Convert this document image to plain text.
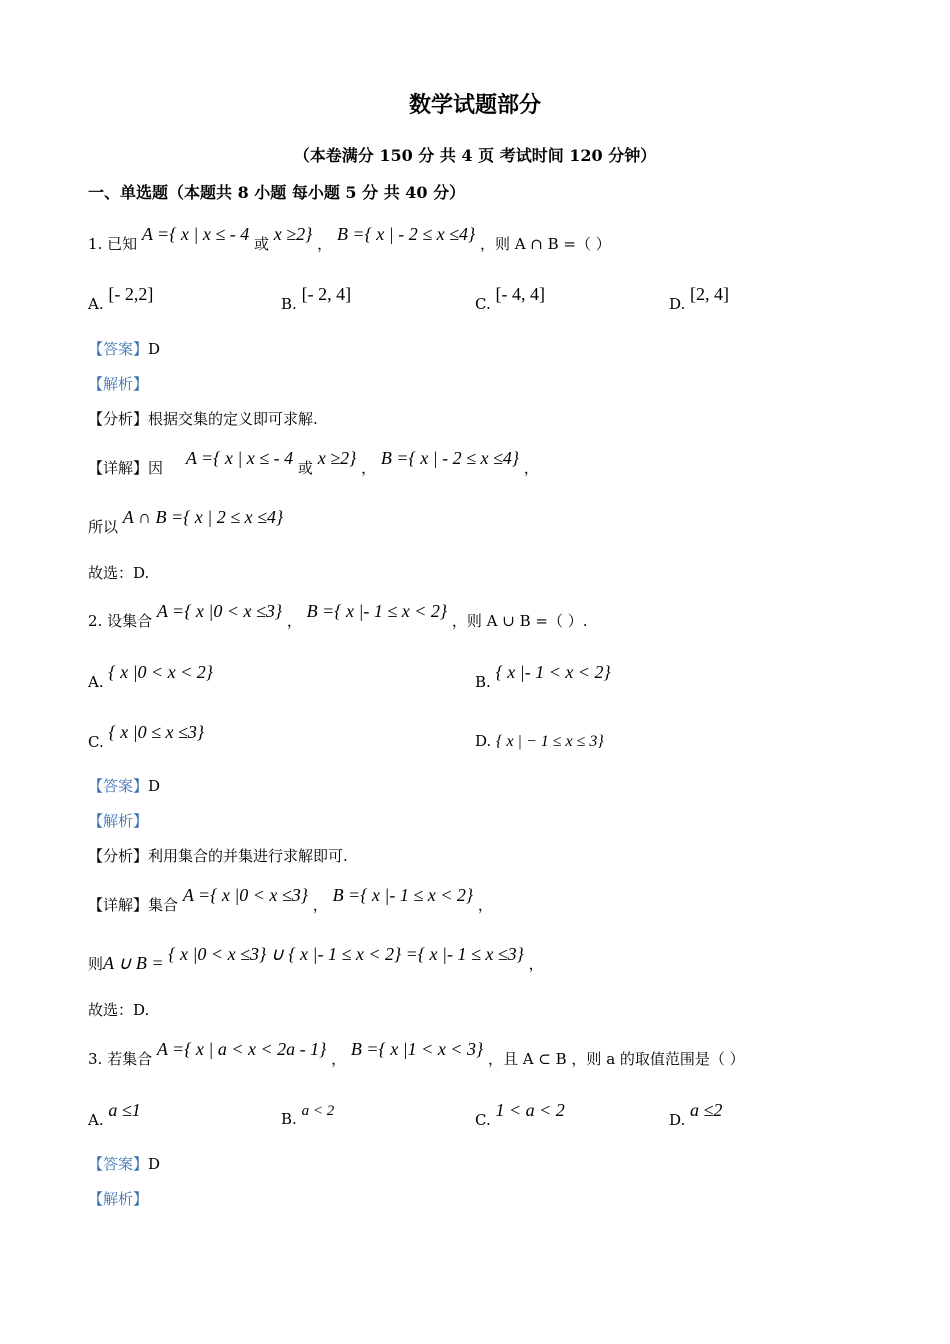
数学试题部分
（本卷满分 150 分 共 4 页 考试时间 120 分钟）
一、单选题（本题共 8 小题 每小题 5 分 共 40 分）
1. 已知 A ={ x | x ≤ - 4 或 x ≥2} ， B ={ x | - 2 ≤ x ≤4} ，则 A ∩ B =（ ）
A. [- 2,2]	B. [- 2, 4]	C. [- 4, 4]	D. [2, 4]
【答案】D
【解析】
【分析】根据交集的定义即可求解.
【详解】因 A ={ x | x ≤ - 4 或 x ≥2} ， B ={ x | - 2 ≤ x ≤4} ，
所以 A ∩ B ={ x | 2 ≤ x ≤4}
故选：D.
2. 设集合 A ={ x |0 < x ≤3} ， B ={ x |- 1 ≤ x < 2} ，则 A ∪ B =（ ）.
A. { x |0 < x < 2}	B. { x |- 1 < x < 2}
C. { x |0 ≤ x ≤3}	D. { x | − 1 ≤ x ≤ 3}
【答案】D
【解析】
【分析】利用集合的并集进行求解即可.
【详解】集合 A ={ x |0 < x ≤3} ， B ={ x |- 1 ≤ x < 2} ，
则A ∪ B = { x |0 < x ≤3} ∪ { x |- 1 ≤ x < 2} ={ x |- 1 ≤ x ≤3} ，
故选：D.
3. 若集合 A ={ x | a < x < 2a - 1} ， B ={ x |1 < x < 3} ，且 A ⊂ B ，则 a 的取值范围是（ ）
A. a ≤1	B. a < 2	C. 1 < a < 2	D. a ≤2
【答案】D
【解析】
